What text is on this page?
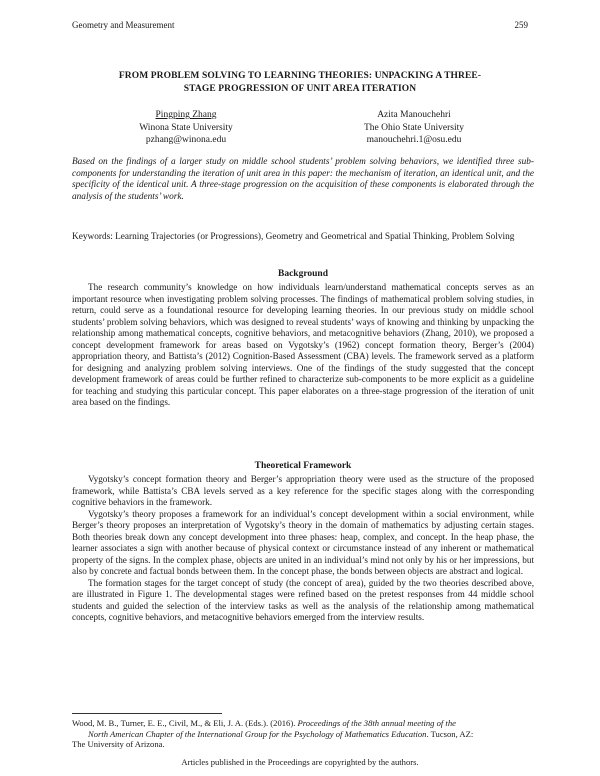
Geometry and Measurement	259
FROM PROBLEM SOLVING TO LEARNING THEORIES: UNPACKING A THREE-
STAGE PROGRESSION OF UNIT AREA ITERATION
Pingping Zhang
Winona State University
pzhang@winona.edu
Azita Manouchehri
The Ohio State University
manouchehri.1@osu.edu
Based on the findings of a larger study on middle school students’ problem solving behaviors, we identified three sub-components for understanding the iteration of unit area in this paper: the mechanism of iteration, an identical unit, and the specificity of the identical unit. A three-stage progression on the acquisition of these components is elaborated through the analysis of the students’ work.
Keywords: Learning Trajectories (or Progressions), Geometry and Geometrical and Spatial Thinking, Problem Solving
Background

The research community’s knowledge on how individuals learn/understand mathematical concepts serves as an important resource when investigating problem solving processes. The findings of mathematical problem solving studies, in return, could serve as a foundational resource for developing learning theories. In our previous study on middle school students’ problem solving behaviors, which was designed to reveal students’ ways of knowing and thinking by unpacking the relationship among mathematical concepts, cognitive behaviors, and metacognitive behaviors (Zhang, 2010), we proposed a concept development framework for areas based on Vygotsky’s (1962) concept formation theory, Berger’s (2004) appropriation theory, and Battista’s (2012) Cognition-Based Assessment (CBA) levels. The framework served as a platform for designing and analyzing problem solving interviews. One of the findings of the study suggested that the concept development framework of areas could be further refined to characterize sub-components to be more explicit as a guideline for teaching and studying this particular concept. This paper elaborates on a three-stage progression of the iteration of unit area based on the findings.

Theoretical Framework

Vygotsky’s concept formation theory and Berger’s appropriation theory were used as the structure of the proposed framework, while Battista’s CBA levels served as a key reference for the specific stages along with the corresponding cognitive behaviors in the framework.

Vygotsky’s theory proposes a framework for an individual’s concept development within a social environment, while Berger’s theory proposes an interpretation of Vygotsky’s theory in the domain of mathematics by adjusting certain stages. Both theories break down any concept development into three phases: heap, complex, and concept. In the heap phase, the learner associates a sign with another because of physical context or circumstance instead of any inherent or mathematical property of the signs. In the complex phase, objects are united in an individual’s mind not only by his or her impressions, but also by concrete and factual bonds between them. In the concept phase, the bonds between objects are abstract and logical.

The formation stages for the target concept of study (the concept of area), guided by the two theories described above, are illustrated in Figure 1. The developmental stages were refined based on the pretest responses from 44 middle school students and guided the selection of the interview tasks as well as the analysis of the relationship among mathematical concepts, cognitive behaviors, and metacognitive behaviors emerged from the interview results.

Wood, M. B., Turner, E. E., Civil, M., & Eli, J. A. (Eds.). (2016). Proceedings of the 38th annual meeting of the
North American Chapter of the International Group for the Psychology of Mathematics Education. Tucson, AZ:
The University of Arizona.
Articles published in the Proceedings are copyrighted by the authors.
